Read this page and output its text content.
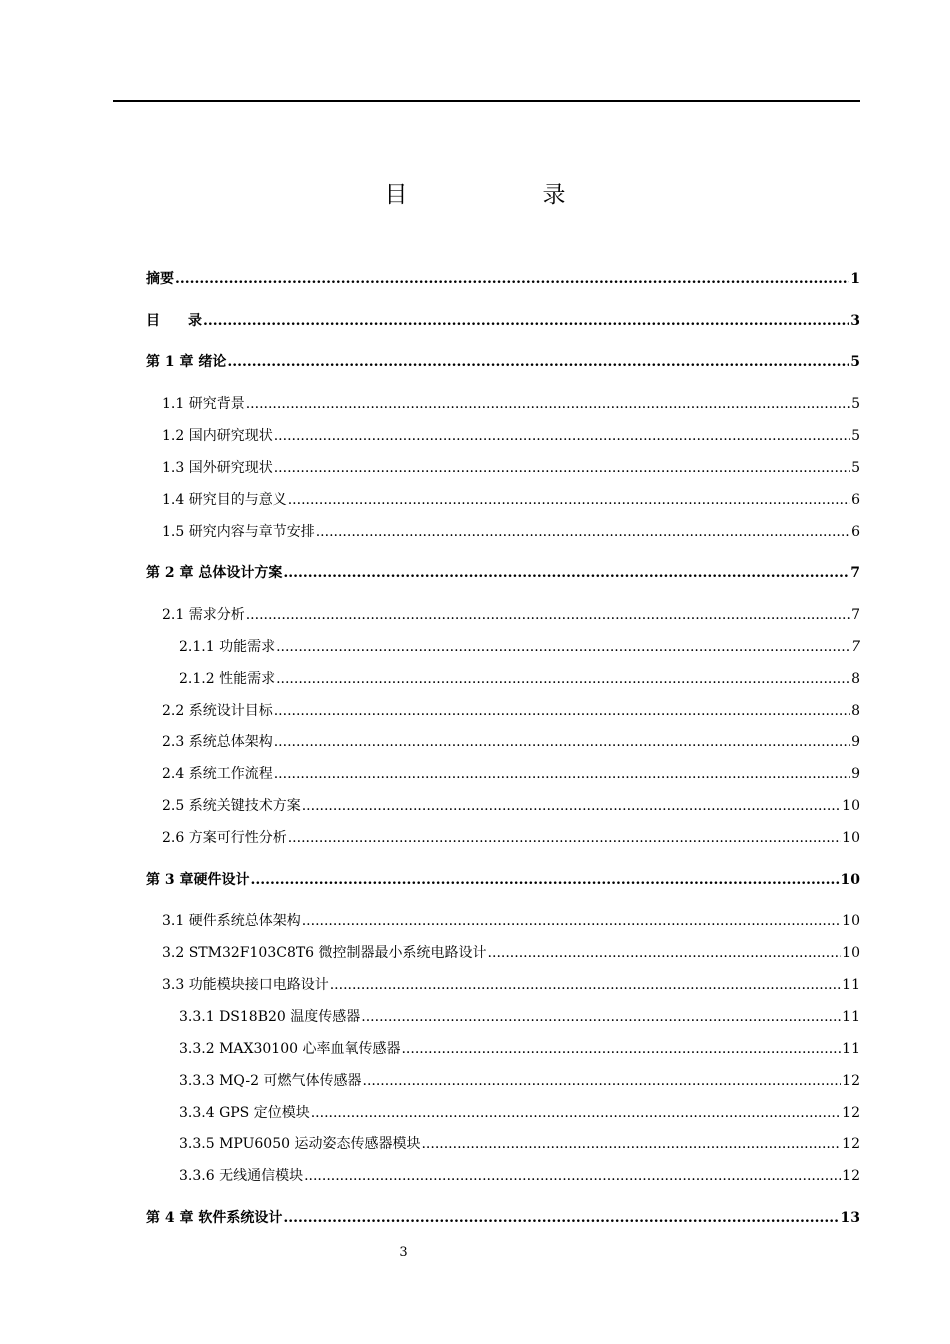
目　录
摘要 .....	1
目　　录 .....	3
第 1 章 绪论 .....	5
1.1 研究背景 .....	5
1.2 国内研究现状 .....	5
1.3 国外研究现状 .....	5
1.4 研究目的与意义 .....	6
1.5 研究内容与章节安排 .....	6
第 2 章 总体设计方案 .....	7
2.1 需求分析 .....	7
2.1.1 功能需求 .....	7
2.1.2 性能需求 .....	8
2.2 系统设计目标 .....	8
2.3 系统总体架构 .....	9
2.4 系统工作流程 .....	9
2.5 系统关键技术方案 .....	10
2.6 方案可行性分析 .....	10
第 3 章硬件设计 .....	10
3.1 硬件系统总体架构 .....	10
3.2 STM32F103C8T6 微控制器最小系统电路设计 .....	10
3.3 功能模块接口电路设计 .....	11
3.3.1 DS18B20 温度传感器 .....	11
3.3.2 MAX30100 心率血氧传感器 .....	11
3.3.3 MQ-2 可燃气体传感器 .....	12
3.3.4 GPS 定位模块 .....	12
3.3.5 MPU6050 运动姿态传感器模块 .....	12
3.3.6 无线通信模块 .....	12
第 4 章 软件系统设计 .....	13
3
